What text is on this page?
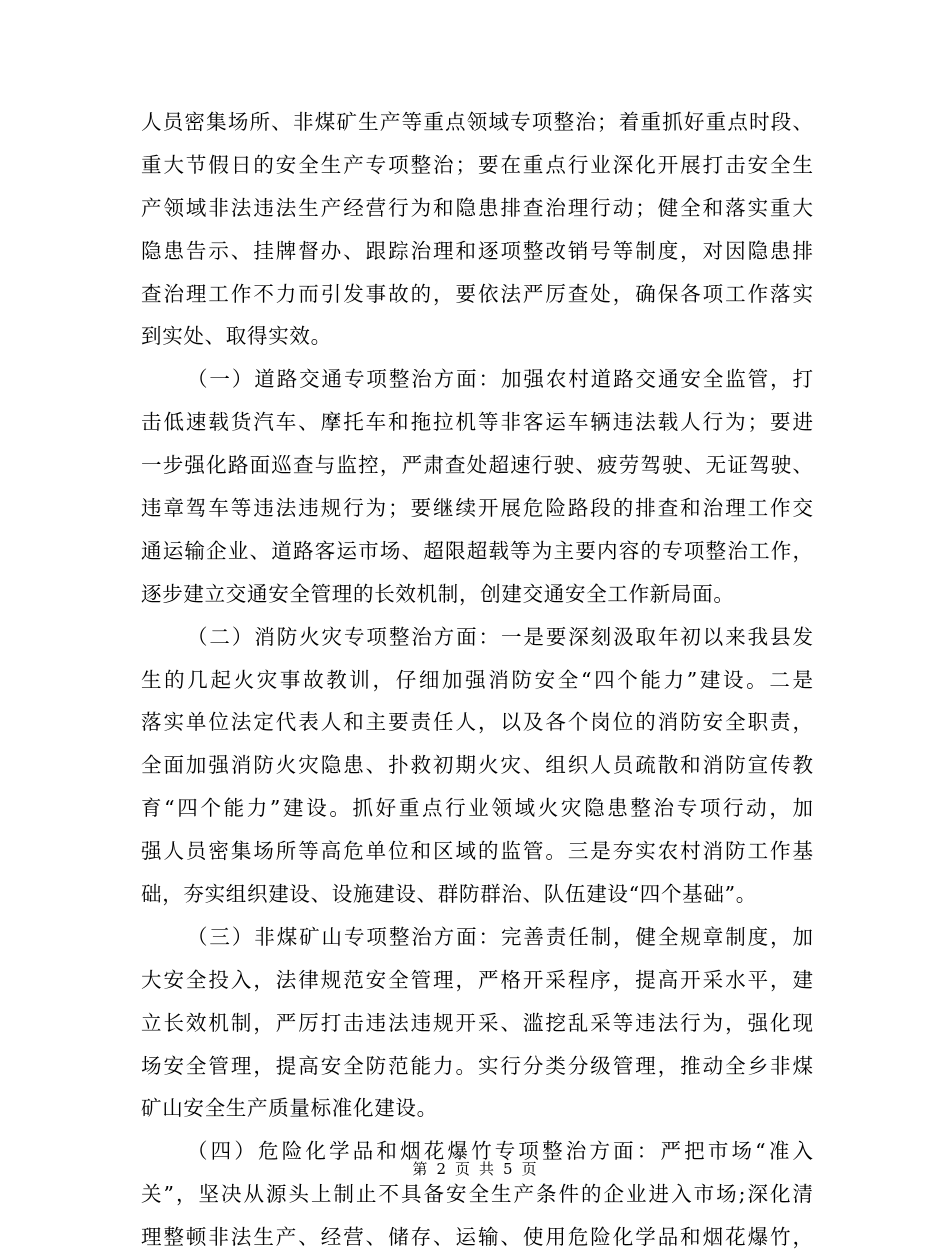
人员密集场所、非煤矿生产等重点领域专项整治；着重抓好重点时段、
重大节假日的安全生产专项整治；要在重点行业深化开展打击安全生
产领域非法违法生产经营行为和隐患排查治理行动；健全和落实重大
隐患告示、挂牌督办、跟踪治理和逐项整改销号等制度，对因隐患排
查治理工作不力而引发事故的，要依法严厉查处，确保各项工作落实
到实处、取得实效。
（一）道路交通专项整治方面：加强农村道路交通安全监管，打
击低速载货汽车、摩托车和拖拉机等非客运车辆违法载人行为；要进
一步强化路面巡查与监控，严肃查处超速行驶、疲劳驾驶、无证驾驶、
违章驾车等违法违规行为；要继续开展危险路段的排查和治理工作交
通运输企业、道路客运市场、超限超载等为主要内容的专项整治工作，
逐步建立交通安全管理的长效机制，创建交通安全工作新局面。
（二）消防火灾专项整治方面：一是要深刻汲取年初以来我县发
生的几起火灾事故教训，仔细加强消防安全“四个能力”建设。二是
落实单位法定代表人和主要责任人，以及各个岗位的消防安全职责，
全面加强消防火灾隐患、扑救初期火灾、组织人员疏散和消防宣传教
育“四个能力”建设。抓好重点行业领域火灾隐患整治专项行动，加
强人员密集场所等高危单位和区域的监管。三是夯实农村消防工作基
础，夯实组织建设、设施建设、群防群治、队伍建设“四个基础”。
（三）非煤矿山专项整治方面：完善责任制，健全规章制度，加
大安全投入，法律规范安全管理，严格开采程序，提高开采水平，建
立长效机制，严厉打击违法违规开采、滥挖乱采等违法行为，强化现
场安全管理，提高安全防范能力。实行分类分级管理，推动全乡非煤
矿山安全生产质量标准化建设。
（四）危险化学品和烟花爆竹专项整治方面：严把市场“准入
关”，坚决从源头上制止不具备安全生产条件的企业进入市场;深化清
理整顿非法生产、经营、储存、运输、使用危险化学品和烟花爆竹，
第 2 页 共 5 页
